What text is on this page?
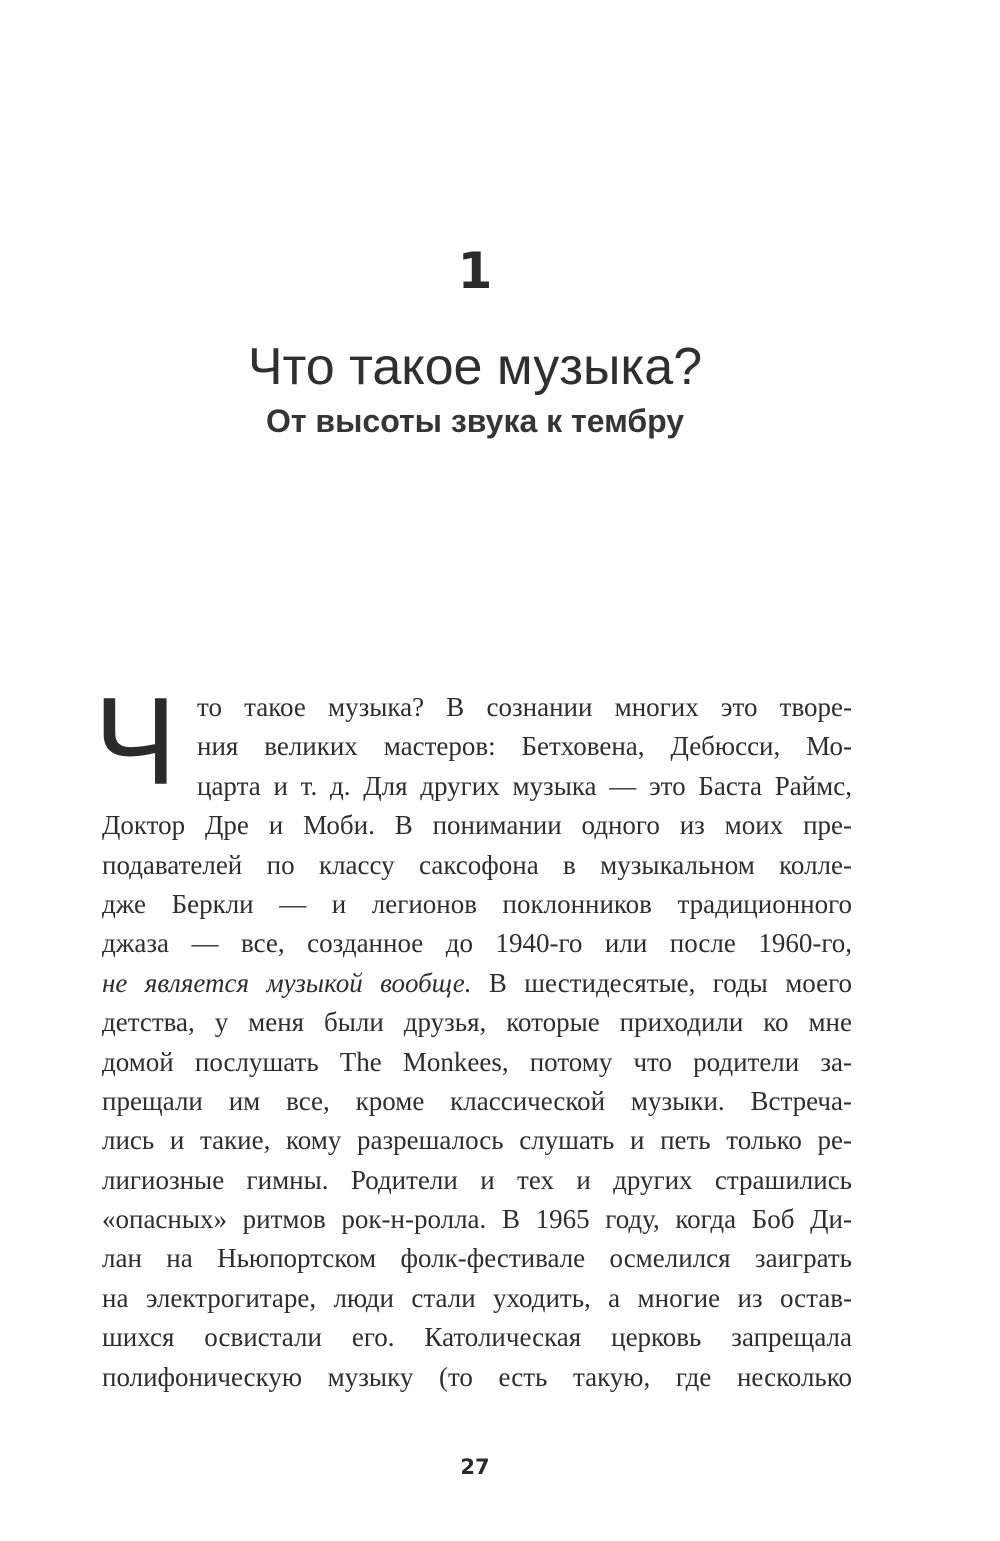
1
Что такое музыка?
От высоты звука к тембру
Ч то такое музыка? В сознании многих это творе-
ния великих мастеров: Бетховена, Дебюсси, Мо-
царта и т. д. Для других музыка — это Баста Раймс,
Доктор Дре и Моби. В понимании одного из моих пре-
подавателей по классу саксофона в музыкальном колле-
дже Беркли — и легионов поклонников традиционного
джаза — все, созданное до 1940-го или после 1960-го,
не является музыкой вообще. В шестидесятые, годы моего
детства, у меня были друзья, которые приходили ко мне
домой послушать The Monkees, потому что родители за-
прещали им все, кроме классической музыки. Встреча-
лись и такие, кому разрешалось слушать и петь только ре-
лигиозные гимны. Родители и тех и других страшились
«опасных» ритмов рок-н-ролла. В 1965 году, когда Боб Ди-
лан на Ньюпортском фолк-фестивале осмелился заиграть
на электрогитаре, люди стали уходить, а многие из остав-
шихся освистали его. Католическая церковь запрещала
полифоническую музыку (то есть такую, где несколько
27
